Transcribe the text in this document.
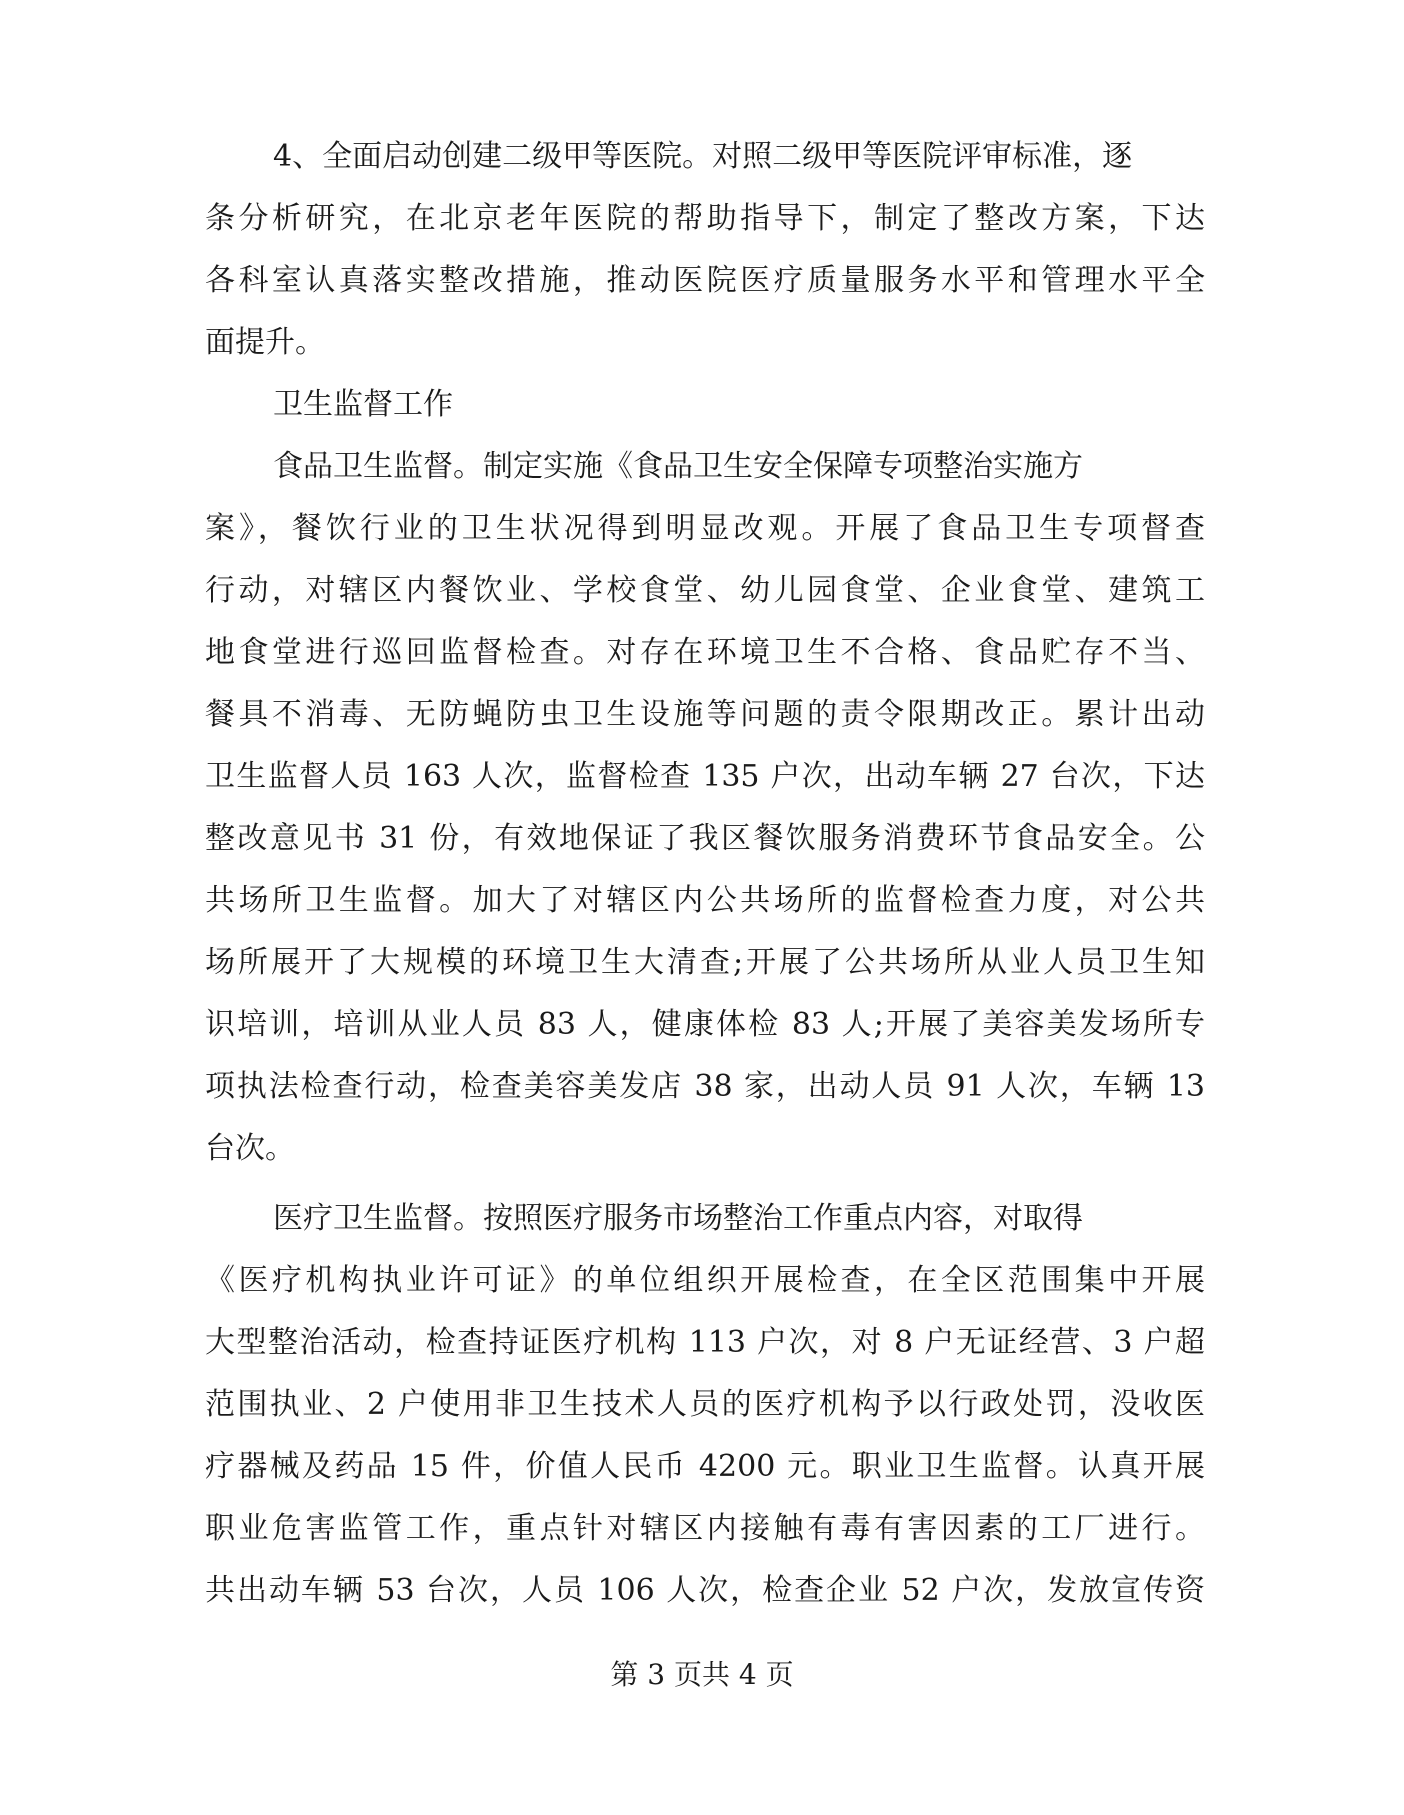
4、全面启动创建二级甲等医院。对照二级甲等医院评审标准，逐
条分析研究，在北京老年医院的帮助指导下，制定了整改方案，下达
各科室认真落实整改措施，推动医院医疗质量服务水平和管理水平全
面提升。
卫生监督工作
食品卫生监督。制定实施《食品卫生安全保障专项整治实施方
案》，餐饮行业的卫生状况得到明显改观。开展了食品卫生专项督查
行动，对辖区内餐饮业、学校食堂、幼儿园食堂、企业食堂、建筑工
地食堂进行巡回监督检查。对存在环境卫生不合格、食品贮存不当、
餐具不消毒、无防蝇防虫卫生设施等问题的责令限期改正。累计出动
卫生监督人员 163 人次，监督检查 135 户次，出动车辆 27 台次，下达
整改意见书 31 份，有效地保证了我区餐饮服务消费环节食品安全。公
共场所卫生监督。加大了对辖区内公共场所的监督检查力度，对公共
场所展开了大规模的环境卫生大清查;开展了公共场所从业人员卫生知
识培训，培训从业人员 83 人，健康体检 83 人;开展了美容美发场所专
项执法检查行动，检查美容美发店 38 家，出动人员 91 人次，车辆 13
台次。
医疗卫生监督。按照医疗服务市场整治工作重点内容，对取得
《医疗机构执业许可证》的单位组织开展检查，在全区范围集中开展
大型整治活动，检查持证医疗机构 113 户次，对 8 户无证经营、3 户超
范围执业、2 户使用非卫生技术人员的医疗机构予以行政处罚，没收医
疗器械及药品 15 件，价值人民币 4200 元。职业卫生监督。认真开展
职业危害监管工作，重点针对辖区内接触有毒有害因素的工厂进行。
共出动车辆 53 台次，人员 106 人次，检查企业 52 户次，发放宣传资
第 3 页共 4 页
